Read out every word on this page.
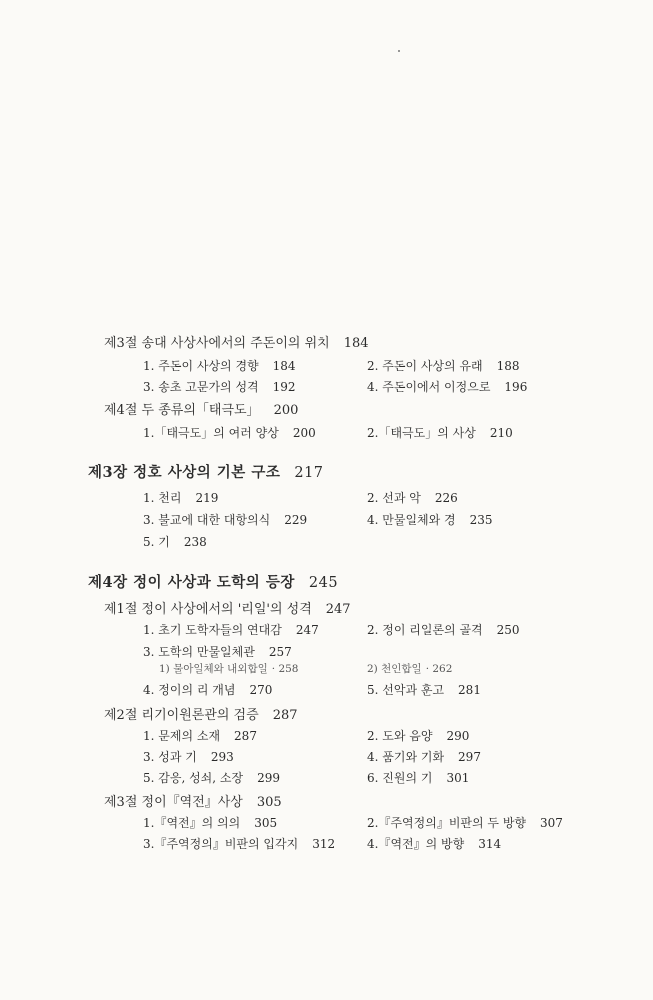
제3절 송대 사상사에서의 주돈이의 위치 184
1. 주돈이 사상의 경향 184	2. 주돈이 사상의 유래 188
3. 송초 고문가의 성격 192	4. 주돈이에서 이정으로 196
제4절 두 종류의「태극도」 200
1.「태극도」의 여러 양상 200	2.「태극도」의 사상 210
제3장 정호 사상의 기본 구조 217
1. 천리 219	2. 선과 악 226
3. 불교에 대한 대항의식 229	4. 만물일체와 경 235
5. 기 238
제4장 정이 사상과 도학의 등장 245
제1절 정이 사상에서의 '리일'의 성격 247
1. 초기 도학자들의 연대감 247	2. 정이 리일론의 골격 250
3. 도학의 만물일체관 257
1) 물아일체와 내외합일 · 258	2) 천인합일 · 262
4. 정이의 리 개념 270	5. 선악과 훈고 281
제2절 리기이원론관의 검증 287
1. 문제의 소재 287	2. 도와 음양 290
3. 성과 기 293	4. 품기와 기화 297
5. 감응, 성쇠, 소장 299	6. 진원의 기 301
제3절 정이『역전』사상 305
1.『역전』의 의의 305	2.『주역정의』비판의 두 방향 307
3.『주역정의』비판의 입각지 312	4.『역전』의 방향 314
